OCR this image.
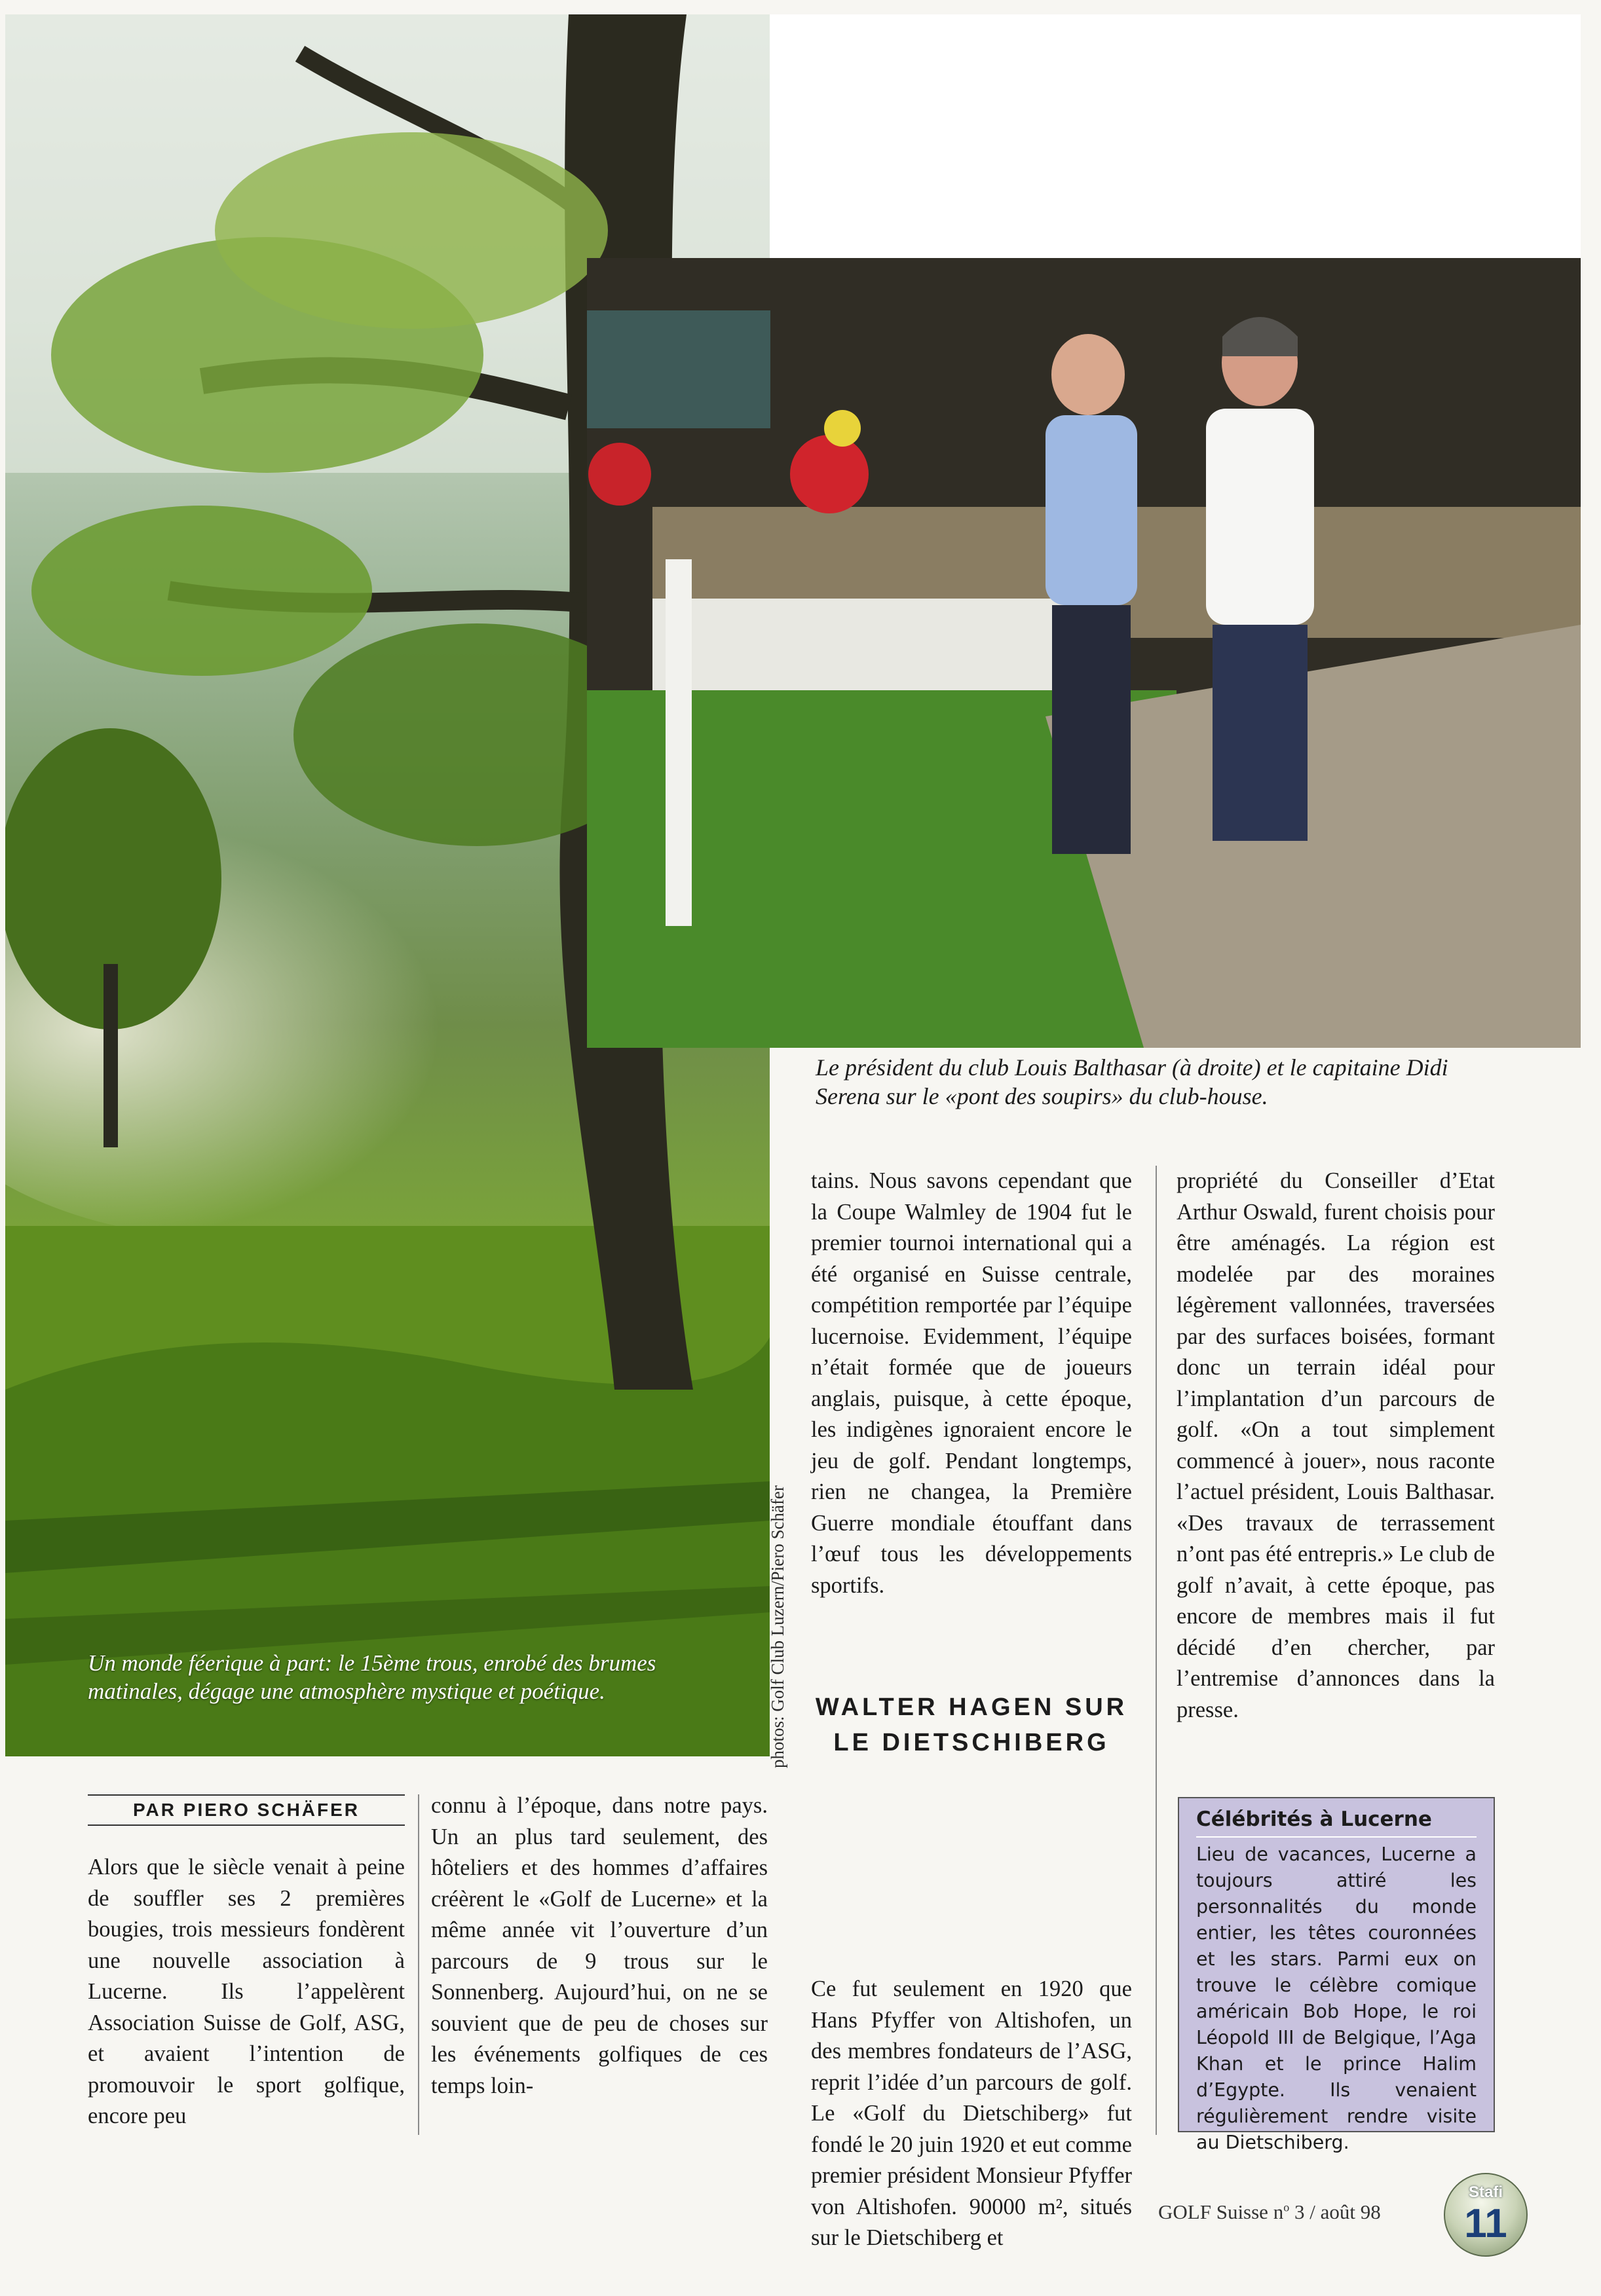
Un monde féerique à part: le 15ème trous, enrobé des brumes matinales, dégage une atmosphère mystique et poétique.	photos: Golf Club Luzern/Piero Schäfer
Le président du club Louis Balthasar (à droite) et le capitaine Didi Serena sur le «pont des soupirs» du club-house.
PAR PIERO SCHÄFER

Alors que le siècle venait à peine de souffler ses 2 premières bougies, trois messieurs fondèrent une nouvelle association à Lucerne. Ils l’appelèrent Association Suisse de Golf, ASG, et avaient l’intention de promouvoir le sport golfique, encore peu

connu à l’époque, dans notre pays. Un an plus tard seulement, des hôteliers et des hommes d’affaires créèrent le «Golf de Lucerne» et la même année vit l’ouverture d’un parcours de 9 trous sur le Sonnenberg. Aujourd’hui, on ne se souvient que de peu de choses sur les événements golfiques de ces temps loin-

tains. Nous savons cependant que la Coupe Walmley de 1904 fut le premier tournoi international qui a été organisé en Suisse centrale, compétition remportée par l’équipe lucernoise. Evidemment, l’équipe n’était formée que de joueurs anglais, puisque, à cette époque, les indigènes ignoraient encore le jeu de golf. Pendant longtemps, rien ne changea, la Première Guerre mondiale étouffant dans l’œuf tous les développements sportifs.

WALTER HAGEN SUR LE DIETSCHIBERG

Ce fut seulement en 1920 que Hans Pfyffer von Altishofen, un des membres fondateurs de l’ASG, reprit l’idée d’un parcours de golf. Le «Golf du Dietschiberg» fut fondé le 20 juin 1920 et eut comme premier président Monsieur Pfyffer von Altishofen. 90000 m², situés sur le Dietschiberg et

propriété du Conseiller d’Etat Arthur Oswald, furent choisis pour être aménagés. La région est modelée par des moraines légèrement vallonnées, traversées par des surfaces boisées, formant donc un terrain idéal pour l’implantation d’un parcours de golf. «On a tout simplement commencé à jouer», nous raconte l’actuel président, Louis Balthasar. «Des travaux de terrassement n’ont pas été entrepris.» Le club de golf n’avait, à cette époque, pas encore de membres mais il fut décidé d’en chercher, par l’entremise d’annonces dans la presse.

Célébrités à Lucerne
Lieu de vacances, Lucerne a toujours attiré les personnalités du monde entier, les têtes couronnées et les stars. Parmi eux on trouve le célèbre comique américain Bob Hope, le roi Léopold III de Belgique, l’Aga Khan et le prince Halim d’Egypte. Ils venaient régulièrement rendre visite au Dietschiberg.
GOLF Suisse $n^o$ 3 / août 98
Stafi
11
